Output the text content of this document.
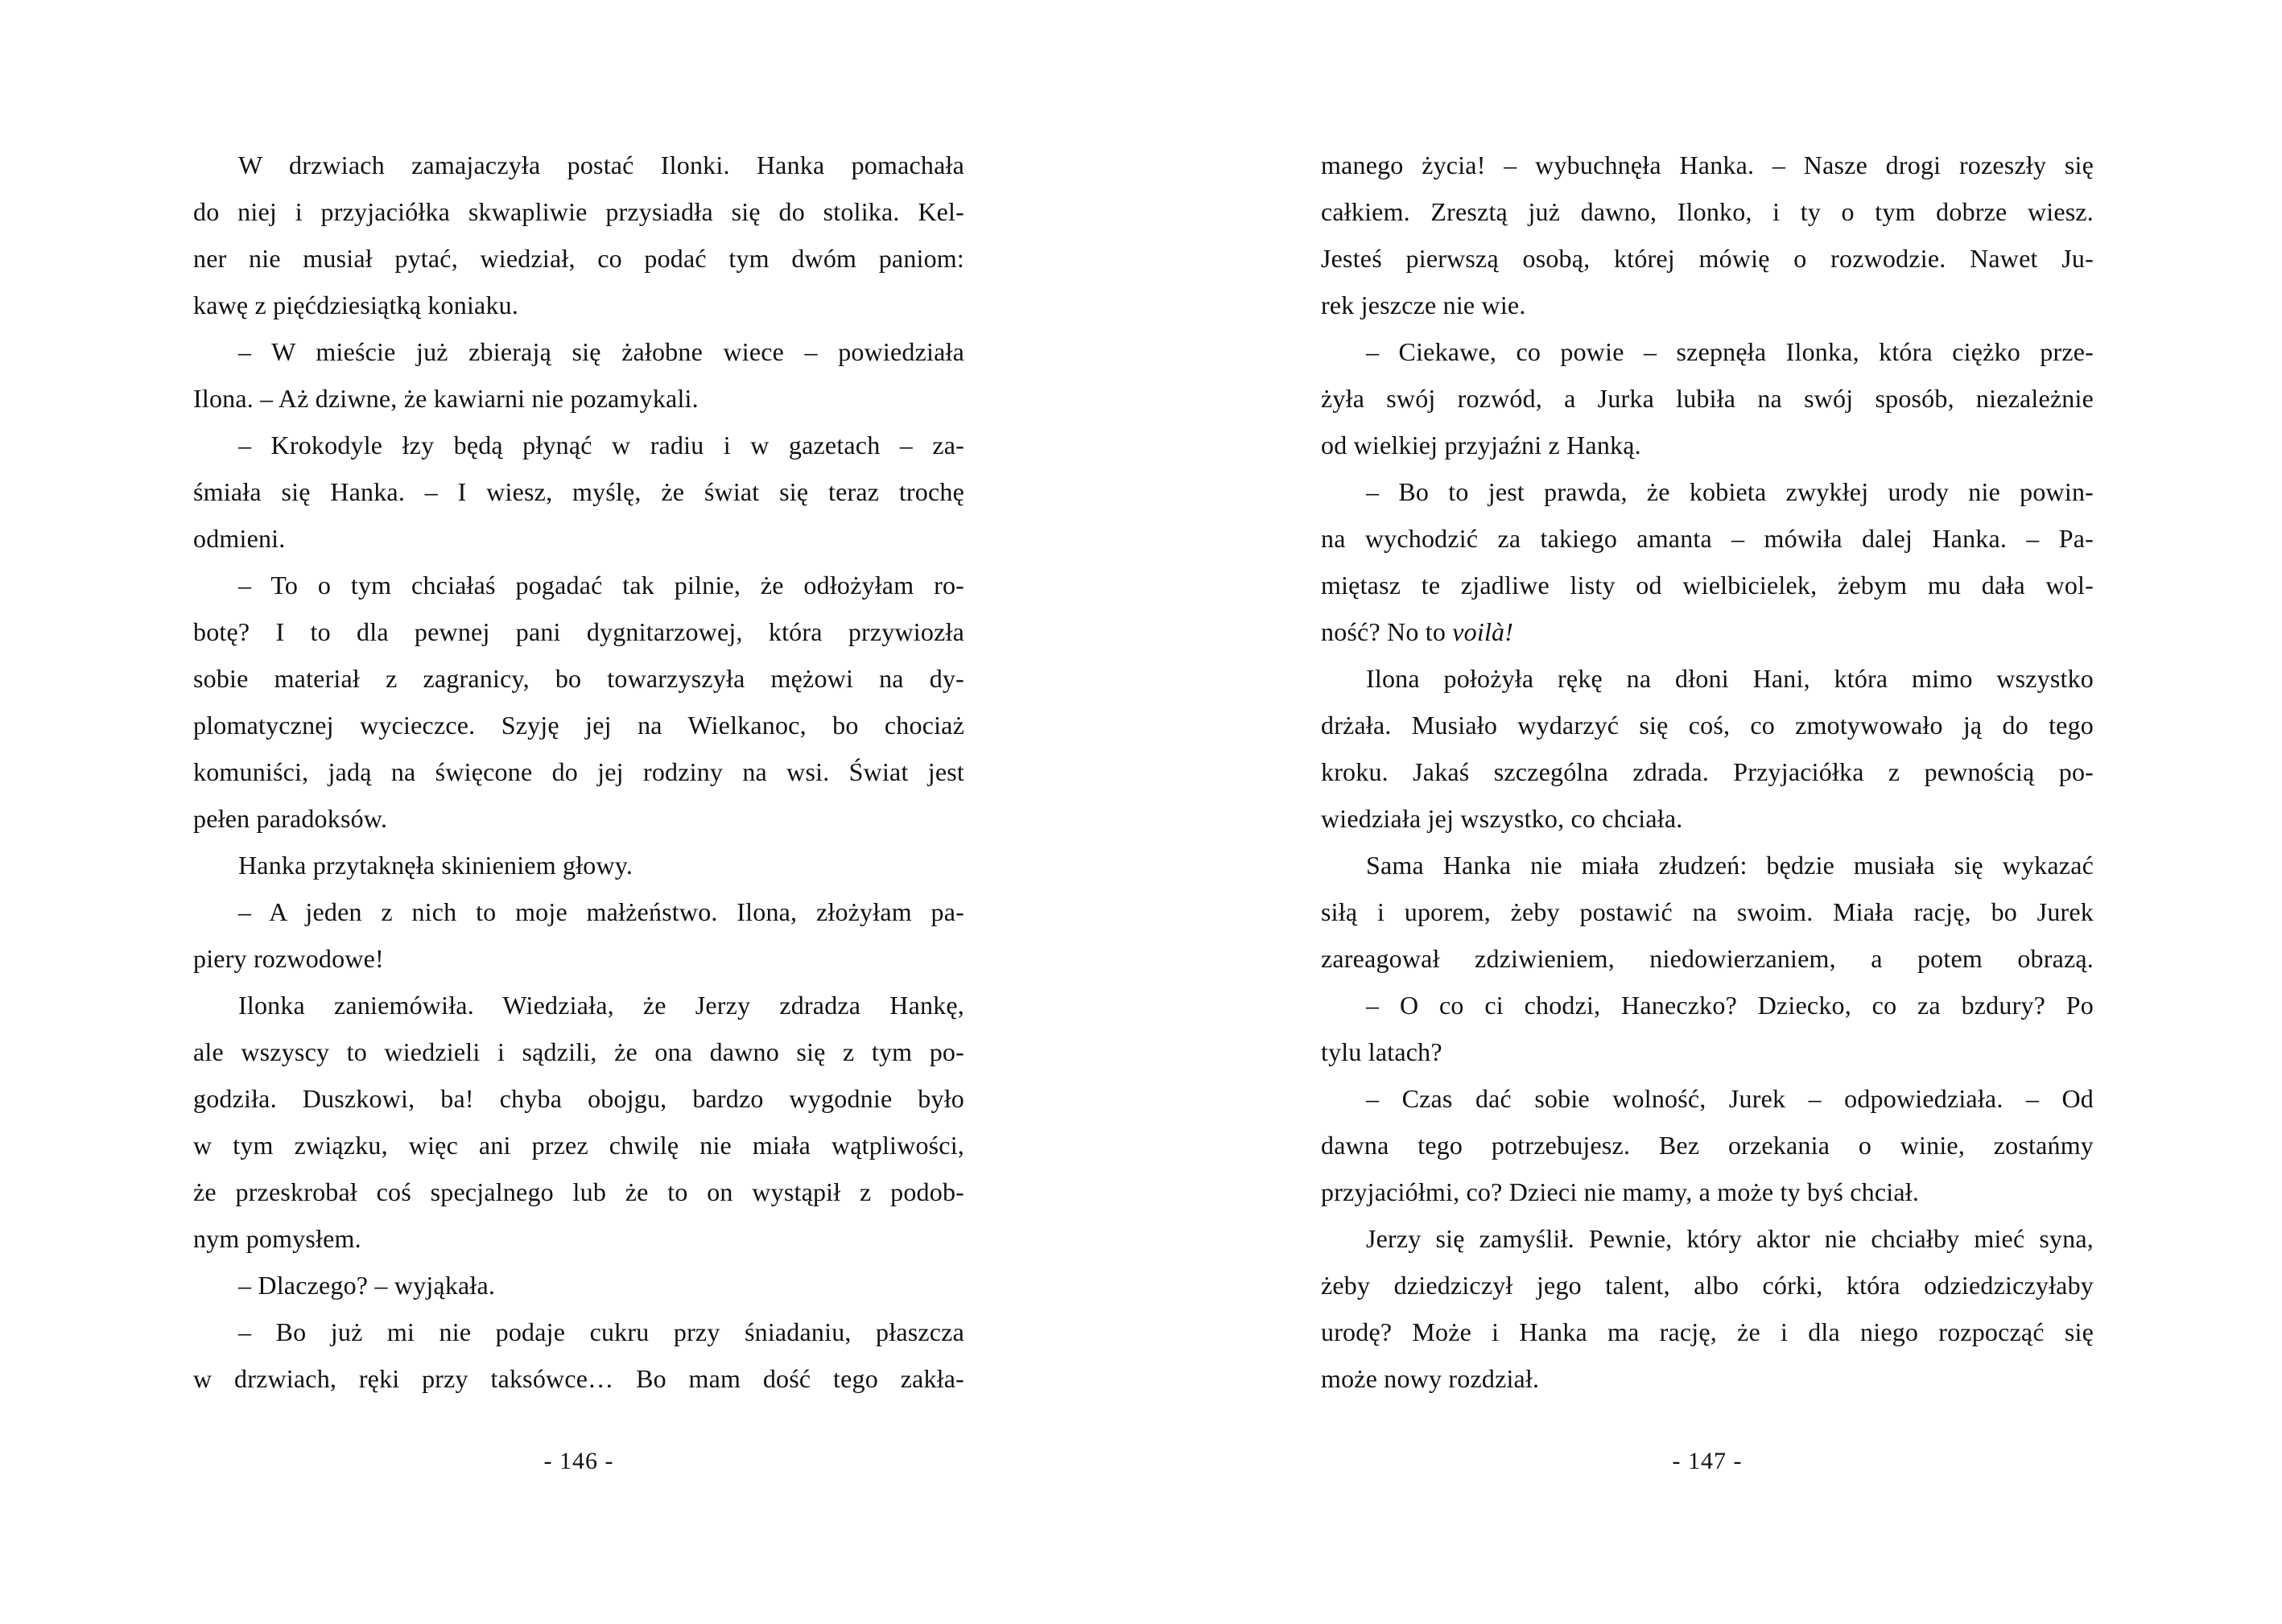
W drzwiach zamajaczyła postać Ilonki. Hanka pomachała
do niej i przyjaciółka skwapliwie przysiadła się do stolika. Kel-
ner nie musiał pytać, wiedział, co podać tym dwóm paniom:
kawę z pięćdziesiątką koniaku.
– W mieście już zbierają się żałobne wiece – powiedziała
Ilona. – Aż dziwne, że kawiarni nie pozamykali.
– Krokodyle łzy będą płynąć w radiu i w gazetach – za-
śmiała się Hanka. – I wiesz, myślę, że świat się teraz trochę
odmieni.
– To o tym chciałaś pogadać tak pilnie, że odłożyłam ro-
botę? I to dla pewnej pani dygnitarzowej, która przywiozła
sobie materiał z zagranicy, bo towarzyszyła mężowi na dy-
plomatycznej wycieczce. Szyję jej na Wielkanoc, bo chociaż
komuniści, jadą na święcone do jej rodziny na wsi. Świat jest
pełen paradoksów.
Hanka przytaknęła skinieniem głowy.
– A jeden z nich to moje małżeństwo. Ilona, złożyłam pa-
piery rozwodowe!
Ilonka zaniemówiła. Wiedziała, że Jerzy zdradza Hankę,
ale wszyscy to wiedzieli i sądzili, że ona dawno się z tym po-
godziła. Duszkowi, ba! chyba obojgu, bardzo wygodnie było
w tym związku, więc ani przez chwilę nie miała wątpliwości,
że przeskrobał coś specjalnego lub że to on wystąpił z podob-
nym pomysłem.
– Dlaczego? – wyjąkała.
– Bo już mi nie podaje cukru przy śniadaniu, płaszcza
w drzwiach, ręki przy taksówce… Bo mam dość tego zakła-
- 146 -
manego życia! – wybuchnęła Hanka. – Nasze drogi rozeszły się
całkiem. Zresztą już dawno, Ilonko, i ty o tym dobrze wiesz.
Jesteś pierwszą osobą, której mówię o rozwodzie. Nawet Ju-
rek jeszcze nie wie.
– Ciekawe, co powie – szepnęła Ilonka, która ciężko prze-
żyła swój rozwód, a Jurka lubiła na swój sposób, niezależnie
od wielkiej przyjaźni z Hanką.
– Bo to jest prawda, że kobieta zwykłej urody nie powin-
na wychodzić za takiego amanta – mówiła dalej Hanka. – Pa-
miętasz te zjadliwe listy od wielbicielek, żebym mu dała wol-
ność? No to voilà!
Ilona położyła rękę na dłoni Hani, która mimo wszystko
drżała. Musiało wydarzyć się coś, co zmotywowało ją do tego
kroku. Jakaś szczególna zdrada. Przyjaciółka z pewnością po-
wiedziała jej wszystko, co chciała.
Sama Hanka nie miała złudzeń: będzie musiała się wykazać
siłą i uporem, żeby postawić na swoim. Miała rację, bo Jurek
zareagował zdziwieniem, niedowierzaniem, a potem obrazą.
– O co ci chodzi, Haneczko? Dziecko, co za bzdury? Po
tylu latach?
– Czas dać sobie wolność, Jurek – odpowiedziała. – Od
dawna tego potrzebujesz. Bez orzekania o winie, zostańmy
przyjaciółmi, co? Dzieci nie mamy, a może ty byś chciał.
Jerzy się zamyślił. Pewnie, który aktor nie chciałby mieć syna,
żeby dziedziczył jego talent, albo córki, która odziedziczyłaby
urodę? Może i Hanka ma rację, że i dla niego rozpocząć się
może nowy rozdział.
- 147 -
